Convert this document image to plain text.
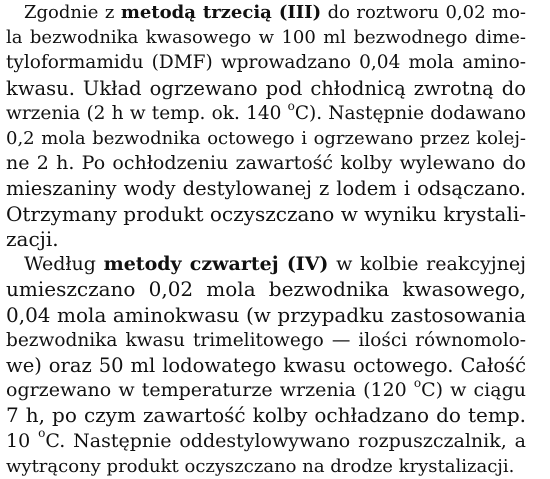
Zgodnie z metodą trzecią (III) do roztworu 0,02 mo-
la bezwodnika kwasowego w 100 ml bezwodnego dime-
tyloformamidu (DMF) wprowadzano 0,04 mola amino-
kwasu. Układ ogrzewano pod chłodnicą zwrotną do
wrzenia (2 h w temp. ok. 140 $^o$C). Następnie dodawano
0,2 mola bezwodnika octowego i ogrzewano przez kolej-
ne 2 h. Po ochłodzeniu zawartość kolby wylewano do
mieszaniny wody destylowanej z lodem i odsączano.
Otrzymany produkt oczyszczano w wyniku krystali-
zacji.
Według metody czwartej (IV) w kolbie reakcyjnej
umieszczano 0,02 mola bezwodnika kwasowego,
0,04 mola aminokwasu (w przypadku zastosowania
bezwodnika kwasu trimelitowego — ilości równomolo-
we) oraz 50 ml lodowatego kwasu octowego. Całość
ogrzewano w temperaturze wrzenia (120 $^o$C) w ciągu
7 h, po czym zawartość kolby ochładzano do temp.
10 $^o$C. Następnie oddestylowywano rozpuszczalnik, a
wytrącony produkt oczyszczano na drodze krystalizacji.
